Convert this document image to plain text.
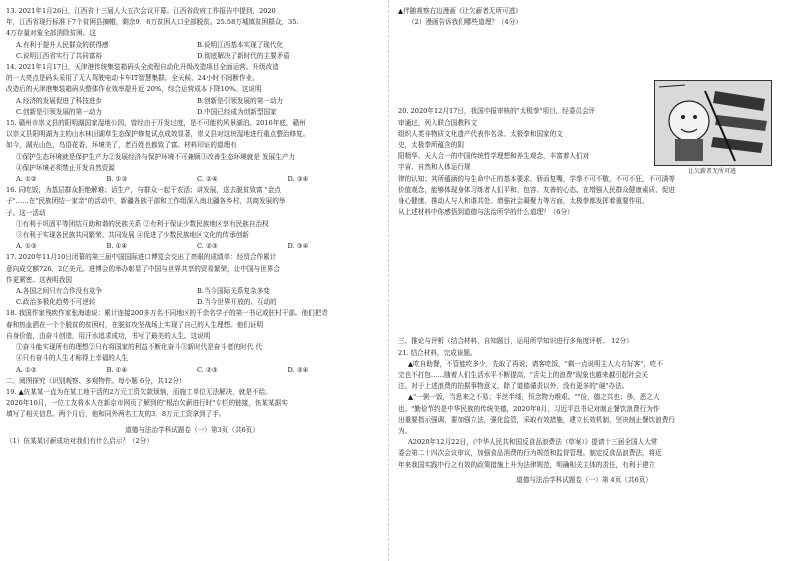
13. 2021年1月26日，江西省十三届人大五次会议开幕。江西省政府工作报告中提到，2020

年，江西省现行标准下7个贫困县摘帽，剩余9．6万贫困人口全部脱贫。25.58万城镇贫困群众，35.

4万存量对象全部消除贫困。这

A.有利于提升人民群众的获得感	B.说明江西基本实现了现代化
C.说明江西省实行了共同富裕	D.彻底解决了新时代的主要矛盾

14. 2021年1月17日，天津港传统集装箱码头全流程自动化升级改造项目全面运营。升级改造

的一大亮点是码头采用了无人驾驶电动卡车IT智慧集群。全天候、24小时不间断作业。

改造后的天津港集装箱码头整体作业效率提升近 20%，综合运营成本下降10%。这说明

A.经济的发展促进了科技进步	B.创新是引领发展的第一动力
C.创新是引领发展的第一动力	D.中国已经成为创新型国家

15. 赣州市崇义县的阳明湖国家湿地公园，曾经由于开发过度，是不可能的风景湖泊。2016年底，赣州

以崇义县阳明湖为主的山水林田湖草生态保护修复试点成效显著，崇义县对这块湿地进行重点整治修复。

如今，湖光山色，鸟语花香，环境美了，老百姓也都致了富。材料印证的道理有

①保护生态环境就是保护生产力②发展经济与保护环境不可兼顾③改善生态环境就是 发展生产力

④保护环境必须禁止开发自然资源

A. ①②	B. ①③	C. ②④	D. ③④

16. 同吃饭，为基层群众拒绝解难；话生产，与群众一起干农活；讲发展，送去脱贫致富 "金点

子"……在"民族团结一家亲"的活动中，新疆各族干部和工作组深入南北疆各乡村，共商发展的举

子。这一活动

①有利于巩固平等团结互助和谐的民族关系 ②有利于保证少数民族地区享有民族自治权

③有利于实现各民族共同繁荣、共同发展 ④促进了少数民族地区文化的传承创新

A. ①③	B. ①④	C. ②③	D. ③④

17. 2020年11月10日闭幕的第三届中国国际进口博览会交出了亮眼的成绩单：经贸合作累计

意向成交额726．2亿美元。进博会的举办彰显了中国与世界共享的贸易繁荣，让中国与世界合

作更紧密。这表明我国

A.各国之间只有合作没有竞争	B.当今国际关系复杂多变
C.政治多极化趋势不可逆转	D.当今世界开放的、互动的

18. 我国作家残疾作家张海迪说：累计连接200多万名不同地区的千余名学子的第一书记或驻村干部。他们把青

春和热血洒在一个个脱贫的贫困村，在脱贫攻坚战场上实现了自己的人生理想。他们证明

自身价值，由奋斗创造，用汗水追求成功，书写了最美的人生。这说明

①奋斗能实现所有的理想②只有将国家的利益不断化奋斗③新时代是奋斗者的时代 代

④只有奋斗的人生才称得上幸福的人生

A. ①②	B. ①④	C. ②③	D. ③④

二、阅图探究（识别观察、多观物件。每小题 6分，共12分）

19. ▲伍某某一直为在某工地干活的2万元工资欠款烦恼，而施工单位无法解决，就是不给。

2020年10月，一位工友将本人在新京市网页了解到的"根治欠薪进行时"专栏的链接，伍某某据实

填写了相关信息。两个月后，他和同外两名工友的3．8万元工资拿到了手。

道德与法治学科试题卷（一）第3页（共6页）

（1）伍某某讨薪成功对我们有什么启示？（2分）

▲伴随观察右边漫画《让欠薪者无所可逃》

（2）漫画告诉我们哪些道理？（4分）

20. 2020年12月17日，我国申报审核的"太极拳"项目，经委员会评

审通过，列入联合国教科文

组织人类非物质文化遗产代表作名录。太极拳和国家的文

史，太极拳所蕴含的阴

阳精华、天人合一的中国传统哲学理想和养生观念，丰富着人们对

宇宙、自然和人体运行规

律的认知；其所蕴涵的与生命中正的基本要求，骄而复嘴，学拳不可不敬，不可不狂，不可满等

价值观念，能够体现身体习练者人们平和、包容、友善的心态。在增强人民群众健康素质、促进

身心健康、推动人与人和谐共处、增强社会凝聚力等方面，太极拳都发挥着重要作用。

从上述材料中你感悟到道德与法治所学的什么道理？（6分）

三、推论与评析（结合材料，自知题目，运用所学知识进行多角度评析。 12分）

21. 结合材料，完成该题。

▲吃自助餐，不管能吃多少，先取了再说；请客吃饭，"剩一点说明主人大方好客"，吃不

完也不打包……随着人们生活水平不断提高，"舌尖上的浪费"现象也越来越引起社会关

注。对于上述浪费的拍据事物意义，除了道德谴责以外，没有更多的"硬"办法。

▲"一粥一饭，当思来之不易；半丝半缕，恒念物力维艰。""俭，德之共也；侈，恶之大

也。"勤俭节约是中华民族的传统美德，2020年8月，习近平总书记对制止餐饮浪费行为作

出重要指示强调，要加强立法，强化监管，采取有效措施，建立长效机制，坚决制止餐饮浪费行

为。

A2020年12月22日，《中华人民共和国反食品浪费法（草案）》提请十三届全国人大常

委会第二十四次会议审议，加强食品消费的行为规范和监督管理。制定反食品浪费法，将近

年来我国实践中行之有效的政策措施上升为法律规范，明确相关主体的责任，有利于建立

道德与法治学科试题卷（一）第 4页（共6页）
让欠薪者无所可逃
